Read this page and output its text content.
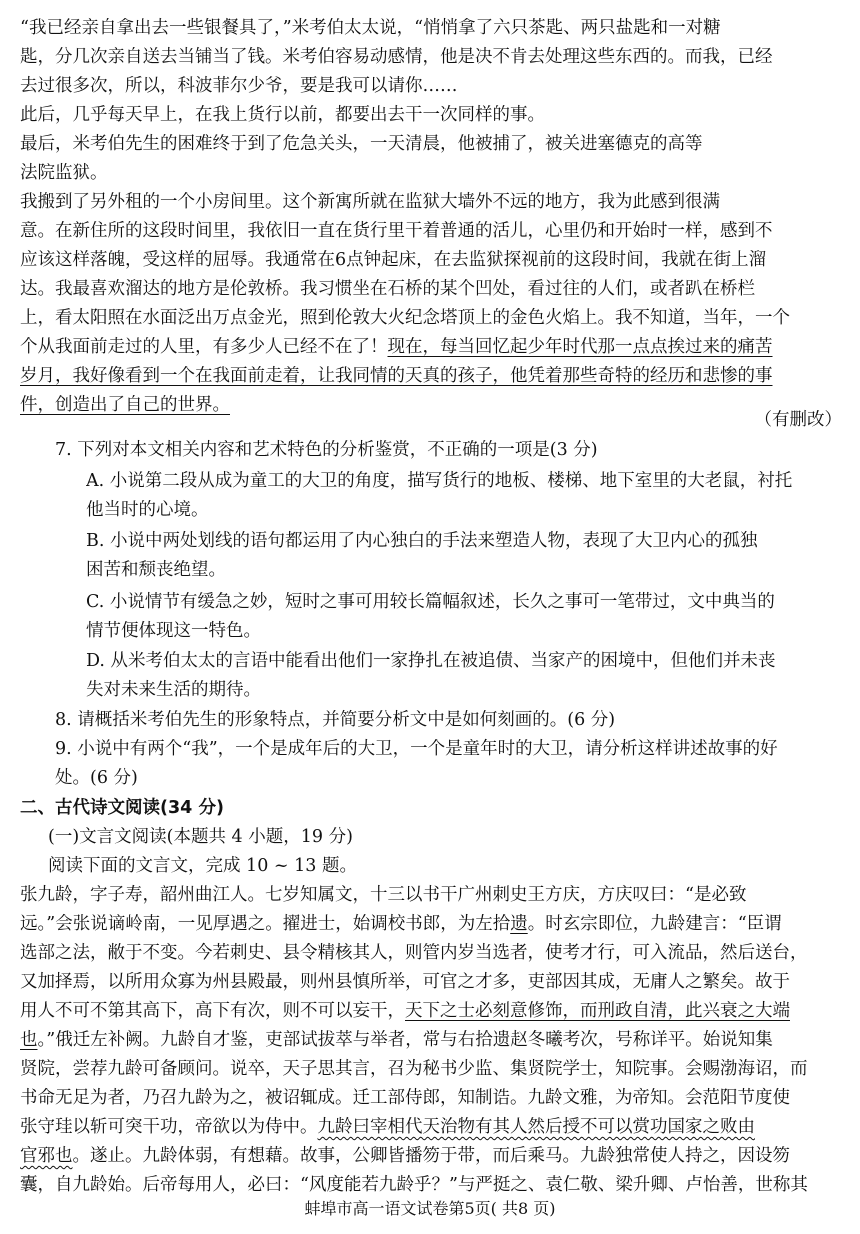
“我已经亲自拿出去一些银餐具了，”米考伯太太说，“悄悄拿了六只茶匙、两只盐匙和一对糖
匙，分几次亲自送去当铺当了钱。米考伯容易动感情，他是决不肯去处理这些东西的。而我，已经
去过很多次，所以，科波菲尔少爷，要是我可以请你……
此后，几乎每天早上，在我上货行以前，都要出去干一次同样的事。
最后，米考伯先生的困难终于到了危急关头，一天清晨，他被捕了，被关进塞德克的高等
法院监狱。
我搬到了另外租的一个小房间里。这个新寓所就在监狱大墙外不远的地方，我为此感到很满
意。在新住所的这段时间里，我依旧一直在货行里干着普通的活儿，心里仍和开始时一样，感到不
应该这样落魄，受这样的屈辱。我通常在6点钟起床，在去监狱探视前的这段时间，我就在街上溜
达。我最喜欢溜达的地方是伦敦桥。我习惯坐在石桥的某个凹处，看过往的人们，或者趴在桥栏
上，看太阳照在水面泛出万点金光，照到伦敦大火纪念塔顶上的金色火焰上。我不知道，当年，一个
个从我面前走过的人里，有多少人已经不在了！现在，每当回忆起少年时代那一点点挨过来的痛苦
岁月，我好像看到一个在我面前走着，让我同情的天真的孩子，他凭着那些奇特的经历和悲惨的事
件，创造出了自己的世界。
（有删改）
7. 下列对本文相关内容和艺术特色的分析鉴赏，不正确的一项是(3 分)
A. 小说第二段从成为童工的大卫的角度，描写货行的地板、楼梯、地下室里的大老鼠，衬托
他当时的心境。
B. 小说中两处划线的语句都运用了内心独白的手法来塑造人物，表现了大卫内心的孤独
困苦和颓丧绝望。
C. 小说情节有缓急之妙，短时之事可用较长篇幅叙述，长久之事可一笔带过，文中典当的
情节便体现这一特色。
D. 从米考伯太太的言语中能看出他们一家挣扎在被追债、当家产的困境中，但他们并未丧
失对未来生活的期待。
8. 请概括米考伯先生的形象特点，并简要分析文中是如何刻画的。(6 分)
9. 小说中有两个“我”，一个是成年后的大卫，一个是童年时的大卫，请分析这样讲述故事的好
处。(6 分)
二、古代诗文阅读(34 分)
(一)文言文阅读(本题共 4 小题，19 分)
阅读下面的文言文，完成 10 ~ 13 题。
张九龄，字子寿，韶州曲江人。七岁知属文，十三以书干广州刺史王方庆，方庆叹曰：“是必致
远。”会张说谪岭南，一见厚遇之。擢进士，始调校书郎，为左拾遗。时玄宗即位，九龄建言：“臣谓
选部之法，敝于不变。今若刺史、县令精核其人，则管内岁当选者，使考才行，可入流品，然后送台，
又加择焉，以所用众寡为州县殿最，则州县慎所举，可官之才多，吏部因其成，无庸人之繁矣。故于
用人不可不第其高下，高下有次，则不可以妄干，天下之士必刻意修饰，而刑政自清，此兴衰之大端
也。”俄迁左补阙。九龄自才鉴，吏部试拔萃与举者，常与右拾遗赵冬曦考次，号称详平。始说知集
贤院，尝荐九龄可备顾问。说卒，天子思其言，召为秘书少监、集贤院学士，知院事。会赐渤海诏，而
书命无足为者，乃召九龄为之，被诏辄成。迁工部侍郎，知制诰。九龄文雅，为帝知。会范阳节度使
张守珪以斩可突干功，帝欲以为侍中。九龄曰宰相代天治物有其人然后授不可以赏功国家之败由
官邪也。遂止。九龄体弱，有想藉。故事，公卿皆播笏于带，而后乘马。九龄独常使人持之，因设笏
囊，自九龄始。后帝每用人，必曰：“风度能若九龄乎？”与严挺之、袁仁敬、梁升卿、卢怡善，世称其
蚌埠市高一语文试卷第5页( 共8 页)
